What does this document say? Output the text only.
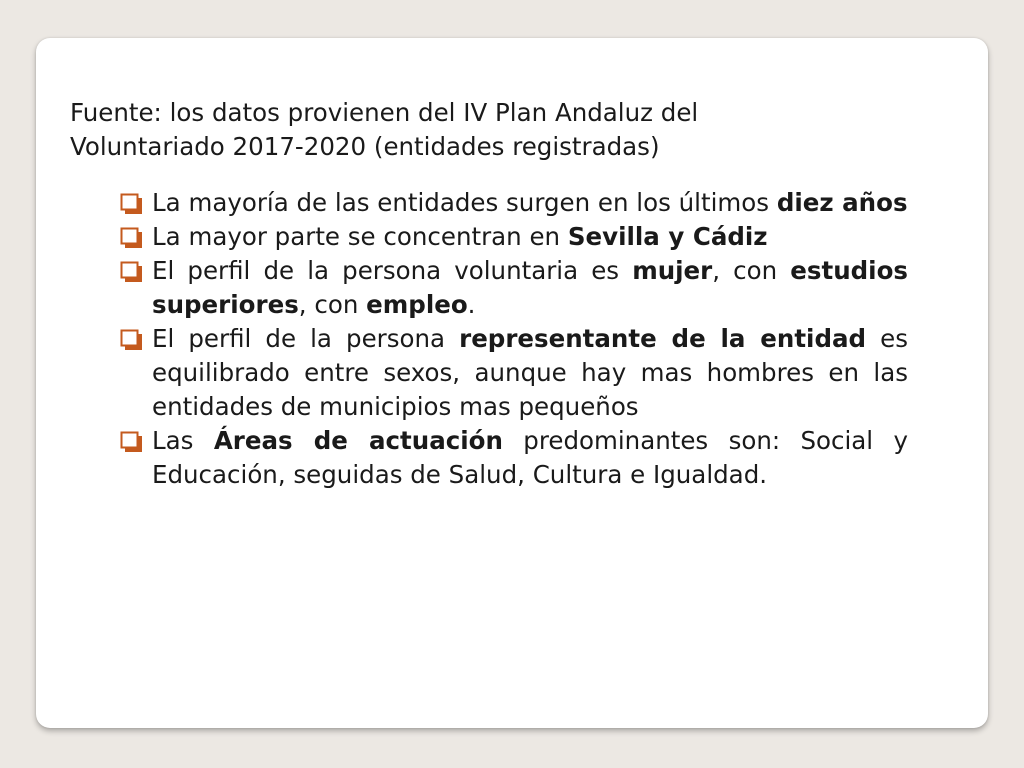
Fuente: los datos provienen del IV Plan Andaluz del
Voluntariado 2017-2020 (entidades registradas)

La mayoría de las entidades surgen en los últimos diez años
La mayor parte se concentran en Sevilla y Cádiz
El perfil de la persona voluntaria es mujer, con estudios superiores, con empleo.
El perfil de la persona representante de la entidad es equilibrado entre sexos, aunque hay mas hombres en las entidades de municipios mas pequeños
Las Áreas de actuación predominantes son: Social y Educación, seguidas de Salud, Cultura e Igualdad.
